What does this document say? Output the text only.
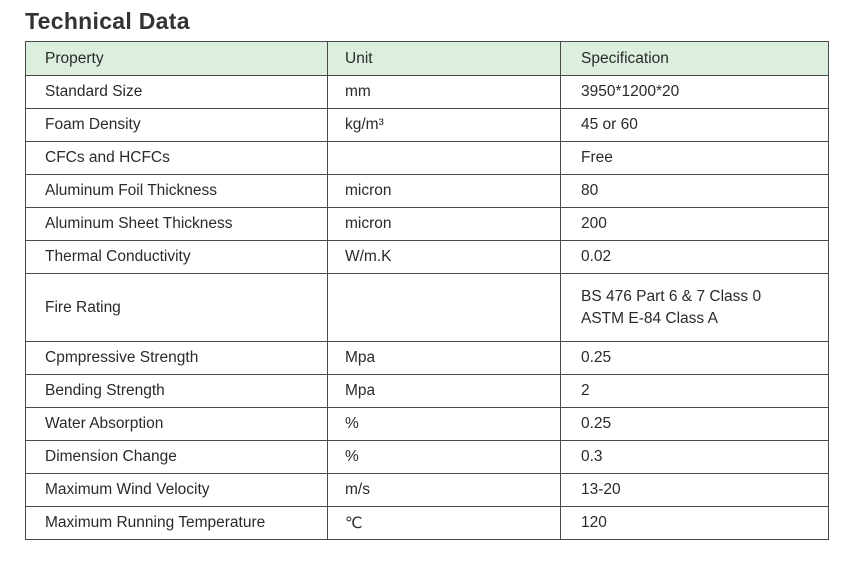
Technical Data
Property	Unit	Specification
Standard Size	mm	3950*1200*20
Foam Density	kg/m³	45 or 60
CFCs and HCFCs		Free
Aluminum Foil Thickness	micron	80
Aluminum Sheet Thickness	micron	200
Thermal Conductivity	W/m.K	0.02
Fire Rating		BS 476 Part 6 & 7 Class 0
ASTM E-84 Class A

Cpmpressive Strength	Mpa	0.25
Bending Strength	Mpa	2
Water Absorption	%	0.25
Dimension Change	%	0.3
Maximum Wind Velocity	m/s	13-20
Maximum Running Temperature	℃	120
